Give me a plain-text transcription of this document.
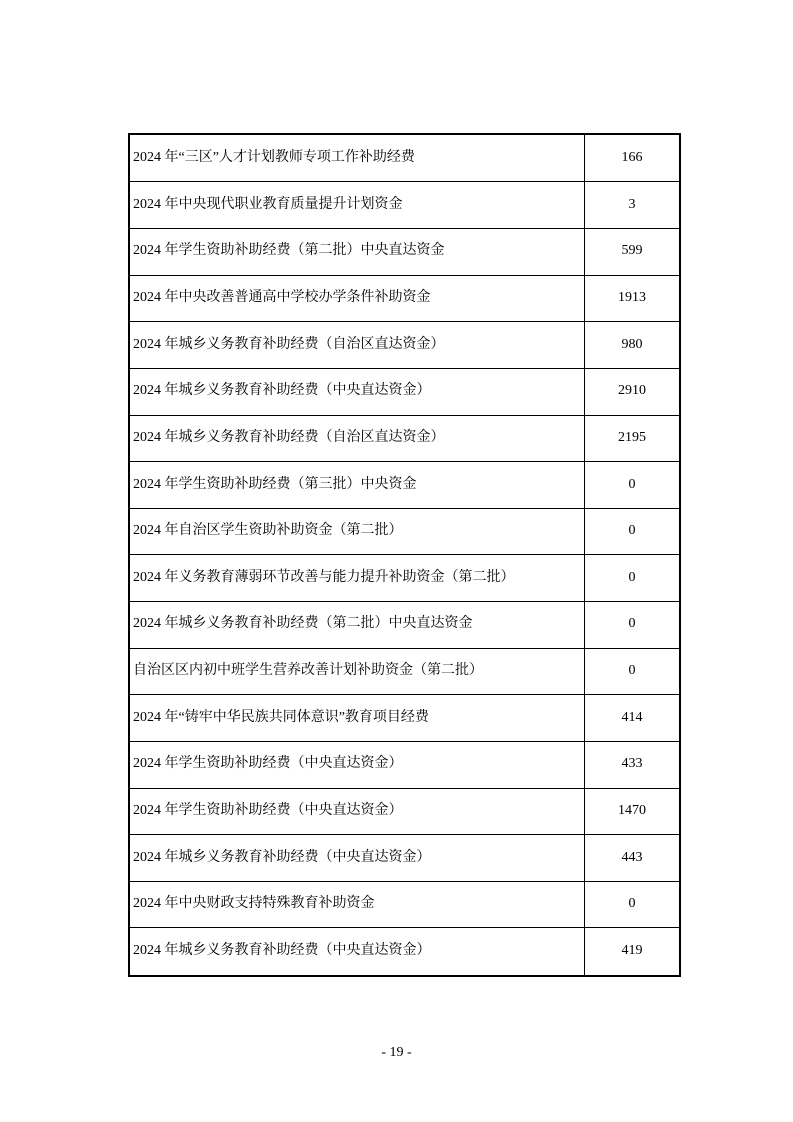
2024 年“三区”人才计划教师专项工作补助经费	166
2024 年中央现代职业教育质量提升计划资金	3
2024 年学生资助补助经费（第二批）中央直达资金	599
2024 年中央改善普通高中学校办学条件补助资金	1913
2024 年城乡义务教育补助经费（自治区直达资金）	980
2024 年城乡义务教育补助经费（中央直达资金）	2910
2024 年城乡义务教育补助经费（自治区直达资金）	2195
2024 年学生资助补助经费（第三批）中央资金	0
2024 年自治区学生资助补助资金（第二批）	0
2024 年义务教育薄弱环节改善与能力提升补助资金（第二批）	0
2024 年城乡义务教育补助经费（第二批）中央直达资金	0
自治区区内初中班学生营养改善计划补助资金（第二批）	0
2024 年“铸牢中华民族共同体意识”教育项目经费	414
2024 年学生资助补助经费（中央直达资金）	433
2024 年学生资助补助经费（中央直达资金）	1470
2024 年城乡义务教育补助经费（中央直达资金）	443
2024 年中央财政支持特殊教育补助资金	0
2024 年城乡义务教育补助经费（中央直达资金）	419
- 19 -
